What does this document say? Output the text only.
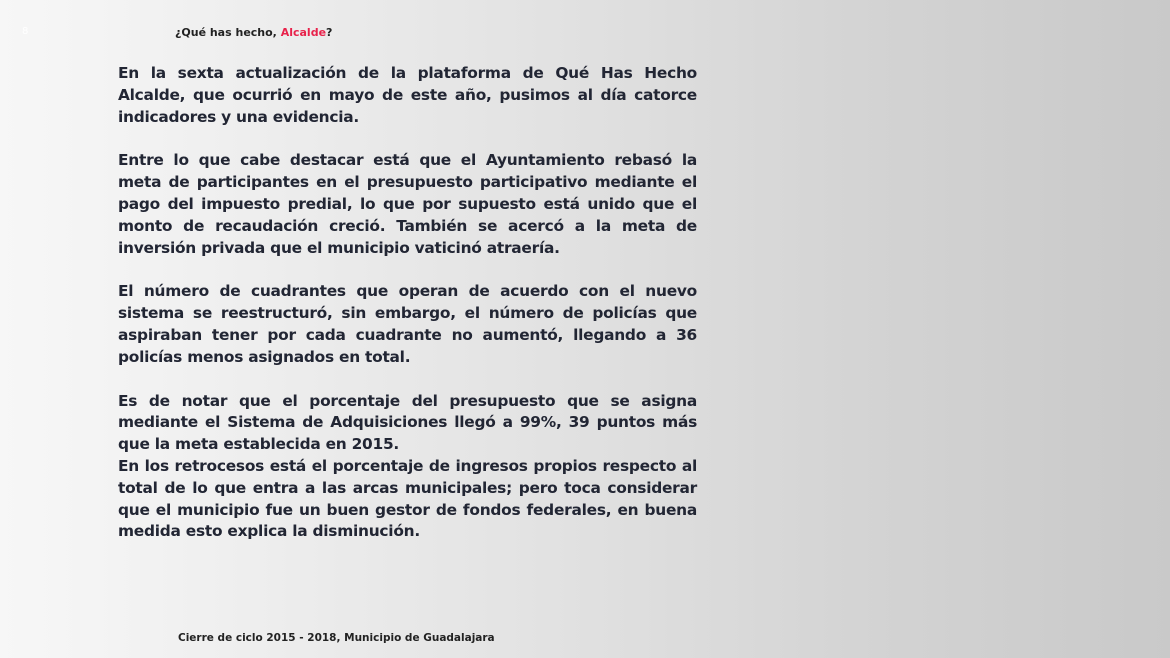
8	¿Qué has hecho, Alcalde?

En la sexta actualización de la plataforma de Qué Has Hecho Alcalde, que ocurrió en mayo de este año, pusimos al día catorce indicadores y una evidencia.

Entre lo que cabe destacar está que el Ayuntamiento rebasó la meta de participantes en el presupuesto participativo mediante el pago del impuesto predial, lo que por supuesto está unido que el monto de recaudación creció. También se acercó a la meta de inversión privada que el municipio vaticinó atraería.

El número de cuadrantes que operan de acuerdo con el nuevo sistema se reestructuró, sin embargo, el número de policías que aspiraban tener por cada cuadrante no aumentó, llegando a 36 policías menos asignados en total.

Es de notar que el porcentaje del presupuesto que se asigna mediante el Sistema de Adquisiciones llegó a 99%, 39 puntos más que la meta establecida en 2015.

En los retrocesos está el porcentaje de ingresos propios respecto al total de lo que entra a las arcas municipales; pero toca considerar que el municipio fue un buen gestor de fondos federales, en buena medida esto explica la disminución.

Cierre de ciclo 2015 - 2018, Municipio de Guadalajara
